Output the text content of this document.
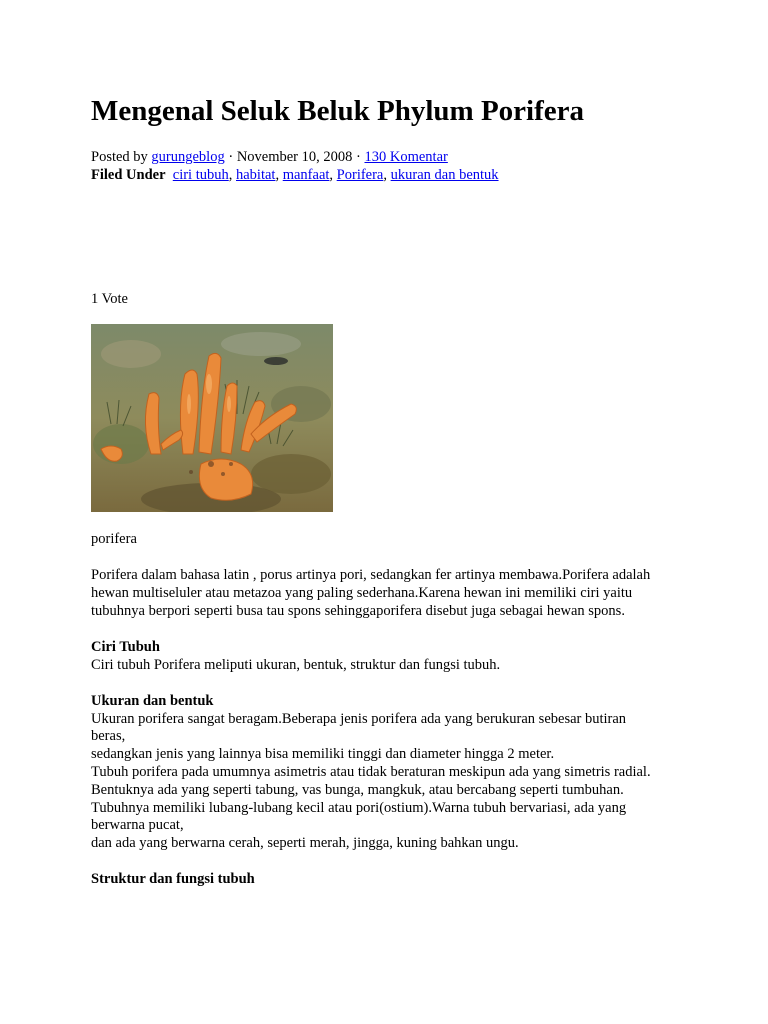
Mengenal Seluk Beluk Phylum Porifera
Posted by gurungeblog · November 10, 2008 · 130 Komentar
Filed Under ciri tubuh, habitat, manfaat, Porifera, ukuran dan bentuk
1 Vote
porifera
Porifera dalam bahasa latin , porus artinya pori, sedangkan fer artinya membawa.Porifera adalah
hewan multiseluler atau metazoa yang paling sederhana.Karena hewan ini memiliki ciri yaitu
tubuhnya berpori seperti busa tau spons sehinggaporifera disebut juga sebagai hewan spons.
Ciri Tubuh
Ciri tubuh Porifera meliputi ukuran, bentuk, struktur dan fungsi tubuh.
Ukuran dan bentuk
Ukuran porifera sangat beragam.Beberapa jenis porifera ada yang berukuran sebesar butiran
beras,
sedangkan jenis yang lainnya bisa memiliki tinggi dan diameter hingga 2 meter.
Tubuh porifera pada umumnya asimetris atau tidak beraturan meskipun ada yang simetris radial.
Bentuknya ada yang seperti tabung, vas bunga, mangkuk, atau bercabang seperti tumbuhan.
Tubuhnya memiliki lubang-lubang kecil atau pori(ostium).Warna tubuh bervariasi, ada yang
berwarna pucat,
dan ada yang berwarna cerah, seperti merah, jingga, kuning bahkan ungu.
Struktur dan fungsi tubuh
